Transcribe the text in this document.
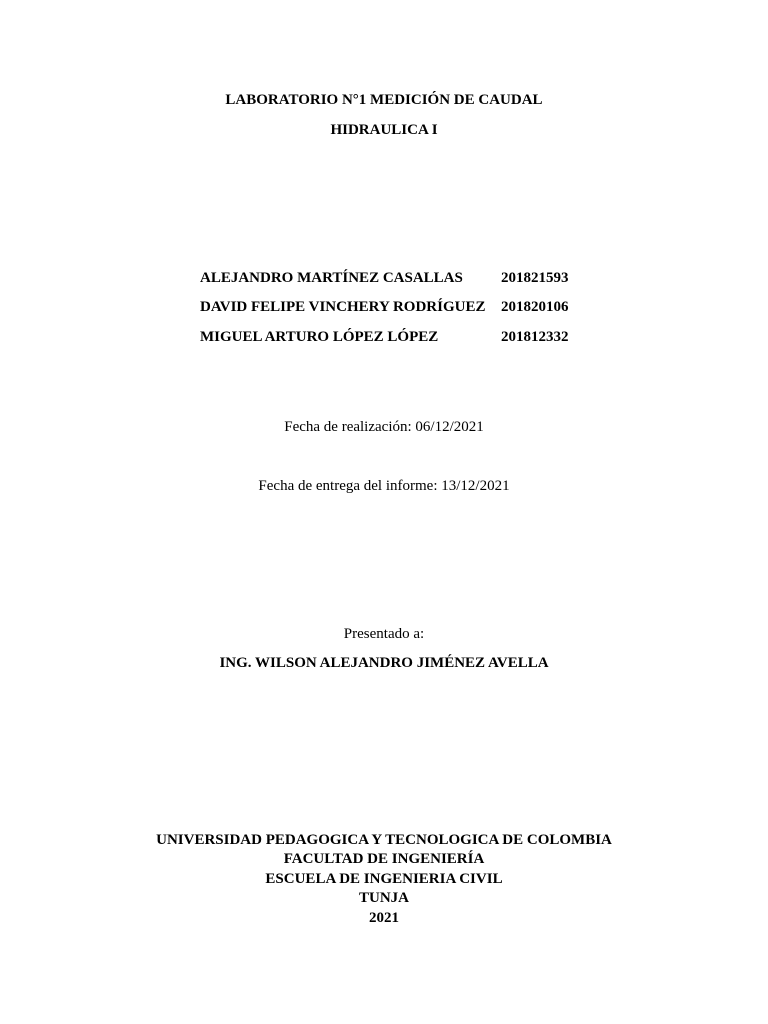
LABORATORIO N°1 MEDICIÓN DE CAUDAL
HIDRAULICA I
ALEJANDRO MARTÍNEZ CASALLAS	201821593
DAVID FELIPE VINCHERY RODRÍGUEZ 201820106
MIGUEL ARTURO LÓPEZ LÓPEZ	201812332
Fecha de realización: 06/12/2021
Fecha de entrega del informe: 13/12/2021
Presentado a:
ING. WILSON ALEJANDRO JIMÉNEZ AVELLA
UNIVERSIDAD PEDAGOGICA Y TECNOLOGICA DE COLOMBIA
FACULTAD DE INGENIERÍA
ESCUELA DE INGENIERIA CIVIL
TUNJA
2021
